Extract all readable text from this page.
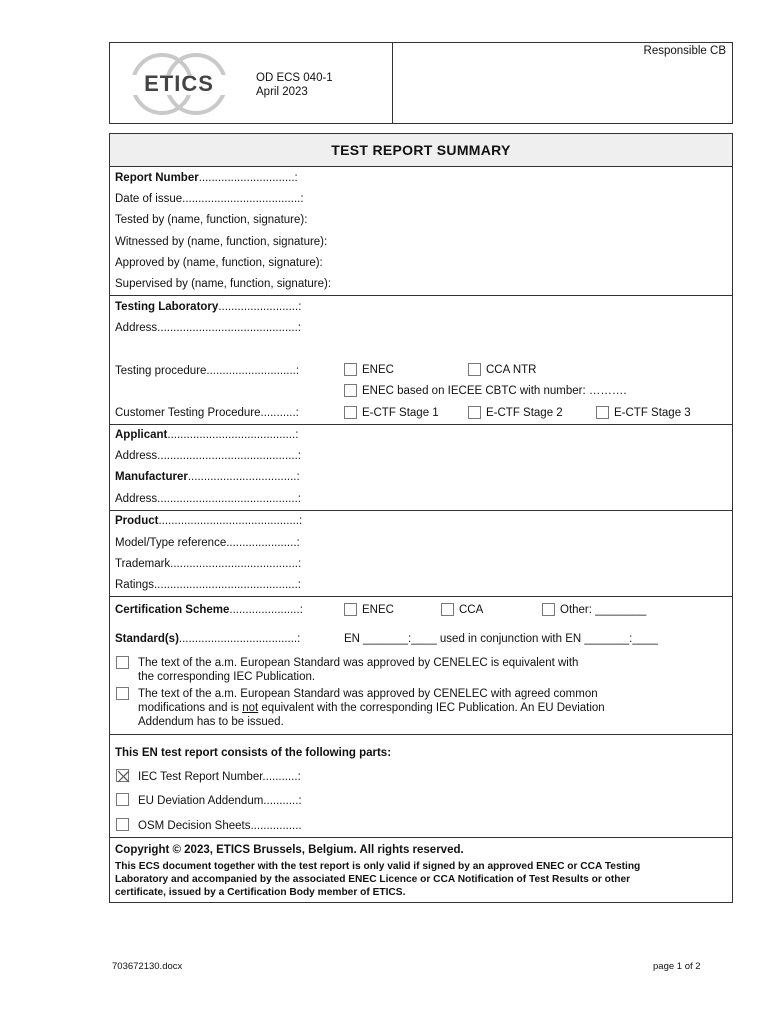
ETICS	OD ECS 040-1
April 2023
Responsible CB
TEST REPORT SUMMARY
Report Number..............................:
Date of issue.....................................:
Tested by (name, function, signature):
Witnessed by (name, function, signature):
Approved by (name, function, signature):
Supervised by (name, function, signature):
Testing Laboratory.........................:
Address............................................:
Testing procedure............................:	ENEC	CCA NTR
ENEC based on IECEE CBTC with number: ……….
Customer Testing Procedure...........:	E-CTF Stage 1	E-CTF Stage 2	E-CTF Stage 3
Applicant........................................:
Address............................................:
Manufacturer..................................:
Address............................................:
Product............................................:
Model/Type reference......................:
Trademark........................................:
Ratings.............................................:
Certification Scheme......................:	ENEC	CCA	Other: ________
Standard(s).....................................:	EN _______:____ used in conjunction with EN _______:____
The text of the a.m. European Standard was approved by CENELEC is equivalent with
the corresponding IEC Publication.
The text of the a.m. European Standard was approved by CENELEC with agreed common
modifications and is not equivalent with the corresponding IEC Publication. An EU Deviation
Addendum has to be issued.
This EN test report consists of the following parts:
IEC Test Report Number...........:
EU Deviation Addendum...........:
OSM Decision Sheets................
Copyright © 2023, ETICS Brussels, Belgium. All rights reserved.
This ECS document together with the test report is only valid if signed by an approved ENEC or CCA Testing
Laboratory and accompanied by the associated ENEC Licence or CCA Notification of Test Results or other
certificate, issued by a Certification Body member of ETICS.
703672130.docx	page 1 of 2
